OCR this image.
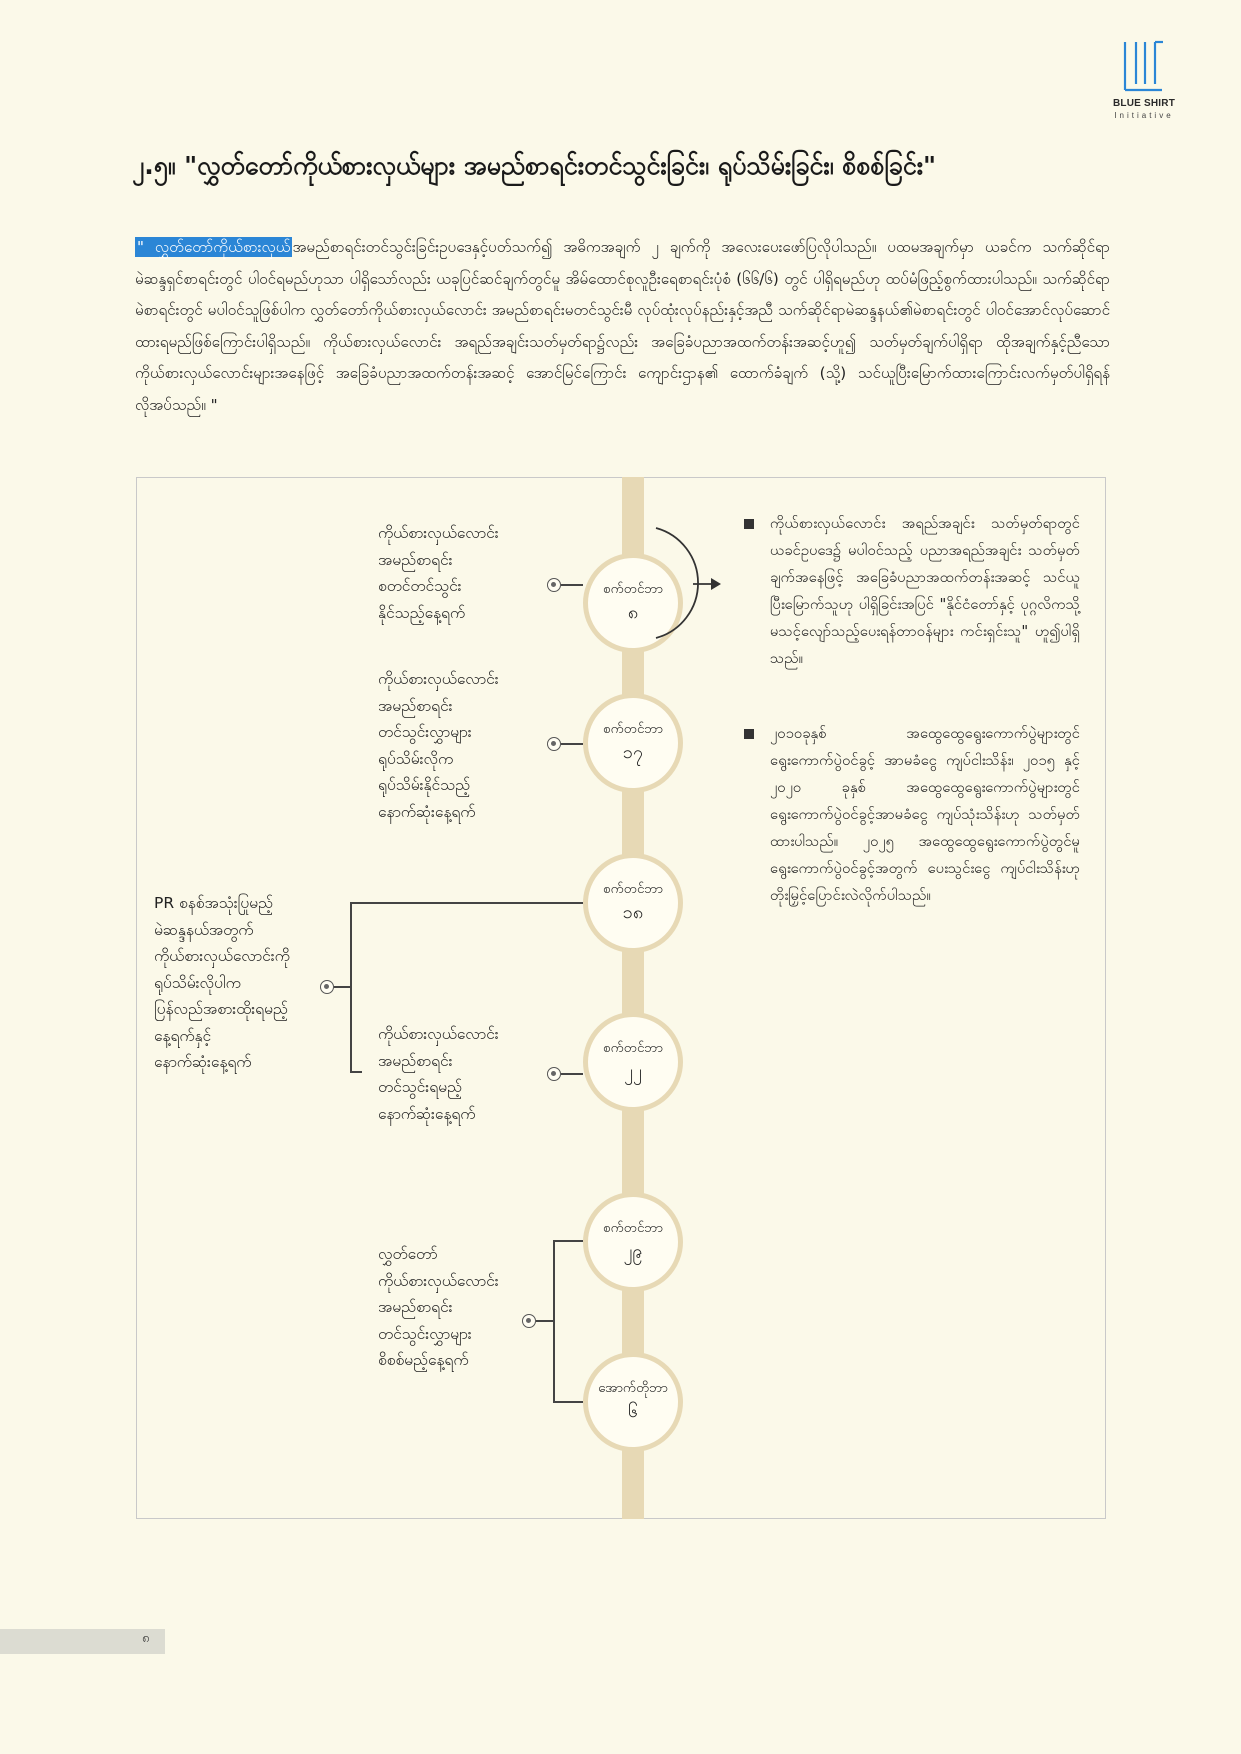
BLUE SHIRT
Initiative
၂.၅။ "လွှတ်တော်ကိုယ်စားလှယ်များ အမည်စာရင်းတင်သွင်းခြင်း၊ ရုပ်သိမ်းခြင်း၊ စိစစ်ခြင်း"
" လွှတ်တော်ကိုယ်စားလှယ် အမည်စာရင်းတင်သွင်းခြင်းဥပဒေနှင့်ပတ်သက်၍ အဓိကအချက် ၂ ချက်ကို အလေးပေးဖော်ပြလိုပါသည်။ ပထမအချက်မှာ ယခင်က သက်ဆိုင်ရာ မဲဆန္ဒရှင်စာရင်းတွင် ပါဝင်ရမည်ဟုသာ ပါရှိသော်လည်း ယခုပြင်ဆင်ချက်တွင်မူ အိမ်ထောင်စုလူဦးရေစာရင်းပုံစံ (၆၆/၆) တွင် ပါရှိရမည်ဟု ထပ်မံဖြည့်စွက်ထားပါသည်။ သက်ဆိုင်ရာမဲစာရင်းတွင် မပါဝင်သူဖြစ်ပါက လွှတ်တော်ကိုယ်စားလှယ်လောင်း အမည်စာရင်းမတင်သွင်းမီ လုပ်ထုံးလုပ်နည်းနှင့်အညီ သက်ဆိုင်ရာမဲဆန္ဒနယ်၏မဲစာရင်းတွင် ပါဝင်အောင်လုပ်ဆောင်ထားရမည်ဖြစ်ကြောင်းပါရှိသည်။ ကိုယ်စားလှယ်လောင်း အရည်အချင်းသတ်မှတ်ရာ၌လည်း အခြေခံပညာအထက်တန်းအဆင့်ဟူ၍ သတ်မှတ်ချက်ပါရှိရာ ထိုအချက်နှင့်ညီသော ကိုယ်စားလှယ်လောင်းများအနေဖြင့် အခြေခံပညာအထက်တန်းအဆင့် အောင်မြင်ကြောင်း ကျောင်းဌာန၏ ထောက်ခံချက် (သို့) သင်ယူပြီးမြောက်ထားကြောင်းလက်မှတ်ပါရှိရန် လိုအပ်သည်။ "
စက်တင်ဘာ
၈
စက်တင်ဘာ
၁၇
စက်တင်ဘာ
၁၈
စက်တင်ဘာ
၂၂
စက်တင်ဘာ
၂၉
အောက်တိုဘာ
၆
ကိုယ်စားလှယ်လောင်း
အမည်စာရင်း
စတင်တင်သွင်း
နိုင်သည့်နေ့ရက်
ကိုယ်စားလှယ်လောင်း
အမည်စာရင်း
တင်သွင်းလွှာများ
ရုပ်သိမ်းလိုက
ရုပ်သိမ်းနိုင်သည့်
နောက်ဆုံးနေ့ရက်
PR စနစ်အသုံးပြုမည့်
မဲဆန္ဒနယ်အတွက်
ကိုယ်စားလှယ်လောင်းကို
ရုပ်သိမ်းလိုပါက
ပြန်လည်အစားထိုးရမည့်
နေ့ရက်နှင့်
နောက်ဆုံးနေ့ရက်
ကိုယ်စားလှယ်လောင်း
အမည်စာရင်း
တင်သွင်းရမည့်
နောက်ဆုံးနေ့ရက်
လွှတ်တော်
ကိုယ်စားလှယ်လောင်း
အမည်စာရင်း
တင်သွင်းလွှာများ
စိစစ်မည့်နေ့ရက်
ကိုယ်စားလှယ်လောင်း အရည်အချင်း သတ်မှတ်ရာတွင် ယခင်ဥပဒေ၌ မပါဝင်သည့် ပညာအရည်အချင်း သတ်မှတ်ချက်အနေဖြင့် အခြေခံပညာအထက်တန်းအဆင့် သင်ယူပြီးမြောက်သူဟု ပါရှိခြင်းအပြင် "နိုင်ငံတော်နှင့် ပုဂ္ဂလိကသို့ မသင့်လျော်သည့်ပေးရန်တာဝန်များ ကင်းရှင်းသူ" ဟူ၍ပါရှိသည်။
၂၀၁၀ခုနှစ် အထွေထွေရွေးကောက်ပွဲများတွင် ရွေးကောက်ပွဲဝင်ခွင့် အာမခံငွေ ကျပ်ငါးသိန်း၊ ၂၀၁၅ နှင့် ၂၀၂၀ ခုနှစ် အထွေထွေရွေးကောက်ပွဲများတွင် ရွေးကောက်ပွဲဝင်ခွင့်အာမခံငွေ ကျပ်သုံးသိန်းဟု သတ်မှတ်ထားပါသည်။ ၂၀၂၅ အထွေထွေရွေးကောက်ပွဲတွင်မူ ရွေးကောက်ပွဲဝင်ခွင့်အတွက် ပေးသွင်းငွေ ကျပ်ငါးသိန်းဟု တိုးမြှင့်ပြောင်းလဲလိုက်ပါသည်။
၈
